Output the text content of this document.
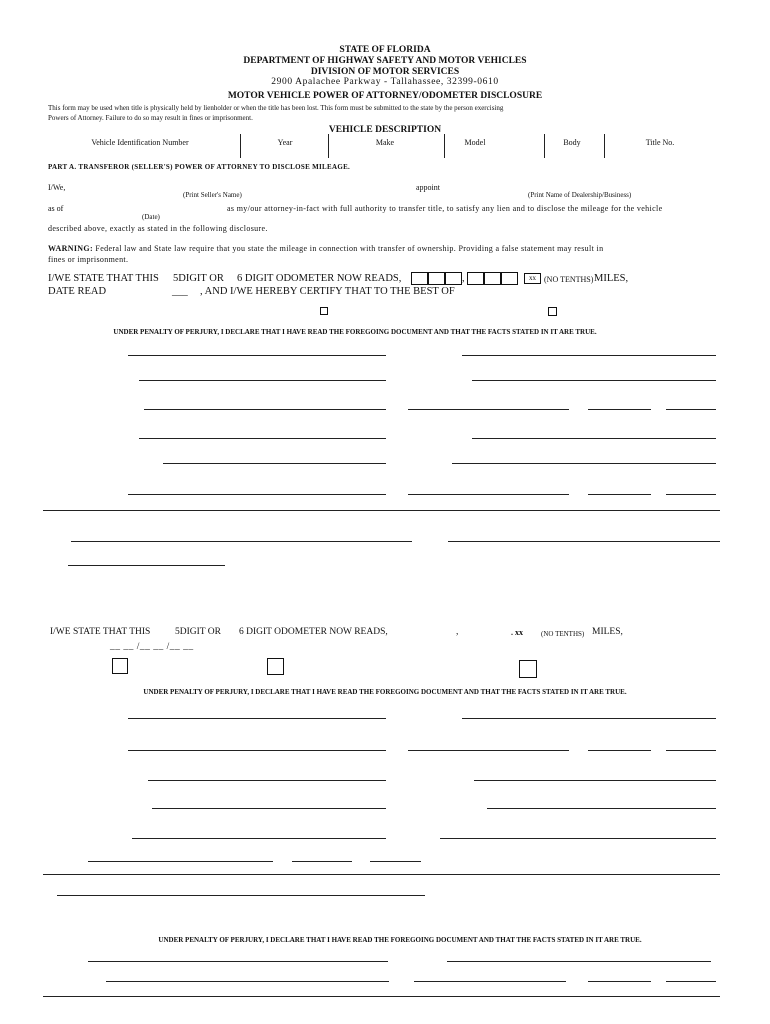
STATE OF FLORIDA
DEPARTMENT OF HIGHWAY SAFETY AND MOTOR VEHICLES
DIVISION OF MOTOR SERVICES
2900 Apalachee Parkway - Tallahassee, 32399-0610
MOTOR VEHICLE POWER OF ATTORNEY/ODOMETER DISCLOSURE
This form may be used when title is physically held by lienholder or when the title has been lost. This form must be submitted to the state by the person exercising
Powers of Attorney. Failure to do so may result in fines or imprisonment.
VEHICLE DESCRIPTION
Vehicle Identification Number	Year	Make	Model	Body	Title No.
PART A. TRANSFEROR (SELLER'S) POWER OF ATTORNEY TO DISCLOSE MILEAGE.
I/We,	appoint
(Print Seller's Name)	(Print Name of Dealership/Business)
as of	as my/our attorney-in-fact with full authority to transfer title, to satisfy any lien and to disclose the mileage for the vehicle
(Date)
described above, exactly as stated in the following disclosure.
WARNING: Federal law and State law require that you state the mileage in connection with transfer of ownership. Providing a false statement may result in
fines or imprisonment.
I/WE STATE THAT THIS 5DIGIT OR 6 DIGIT ODOMETER NOW READS,	,	xx	(NO TENTHS) MILES,
DATE READ	___ , AND I/WE HEREBY CERTIFY THAT TO THE BEST OF
UNDER PENALTY OF PERJURY, I DECLARE THAT I HAVE READ THE FOREGOING DOCUMENT AND THAT THE FACTS STATED IN IT ARE TRUE.
I/WE STATE THAT THIS	5DIGIT OR 6 DIGIT ODOMETER NOW READS,	,	. xx	(NO TENTHS) MILES,
__ __ /__ __ /__ __
UNDER PENALTY OF PERJURY, I DECLARE THAT I HAVE READ THE FOREGOING DOCUMENT AND THAT THE FACTS STATED IN IT ARE TRUE.
UNDER PENALTY OF PERJURY, I DECLARE THAT I HAVE READ THE FOREGOING DOCUMENT AND THAT THE FACTS STATED IN IT ARE TRUE.
